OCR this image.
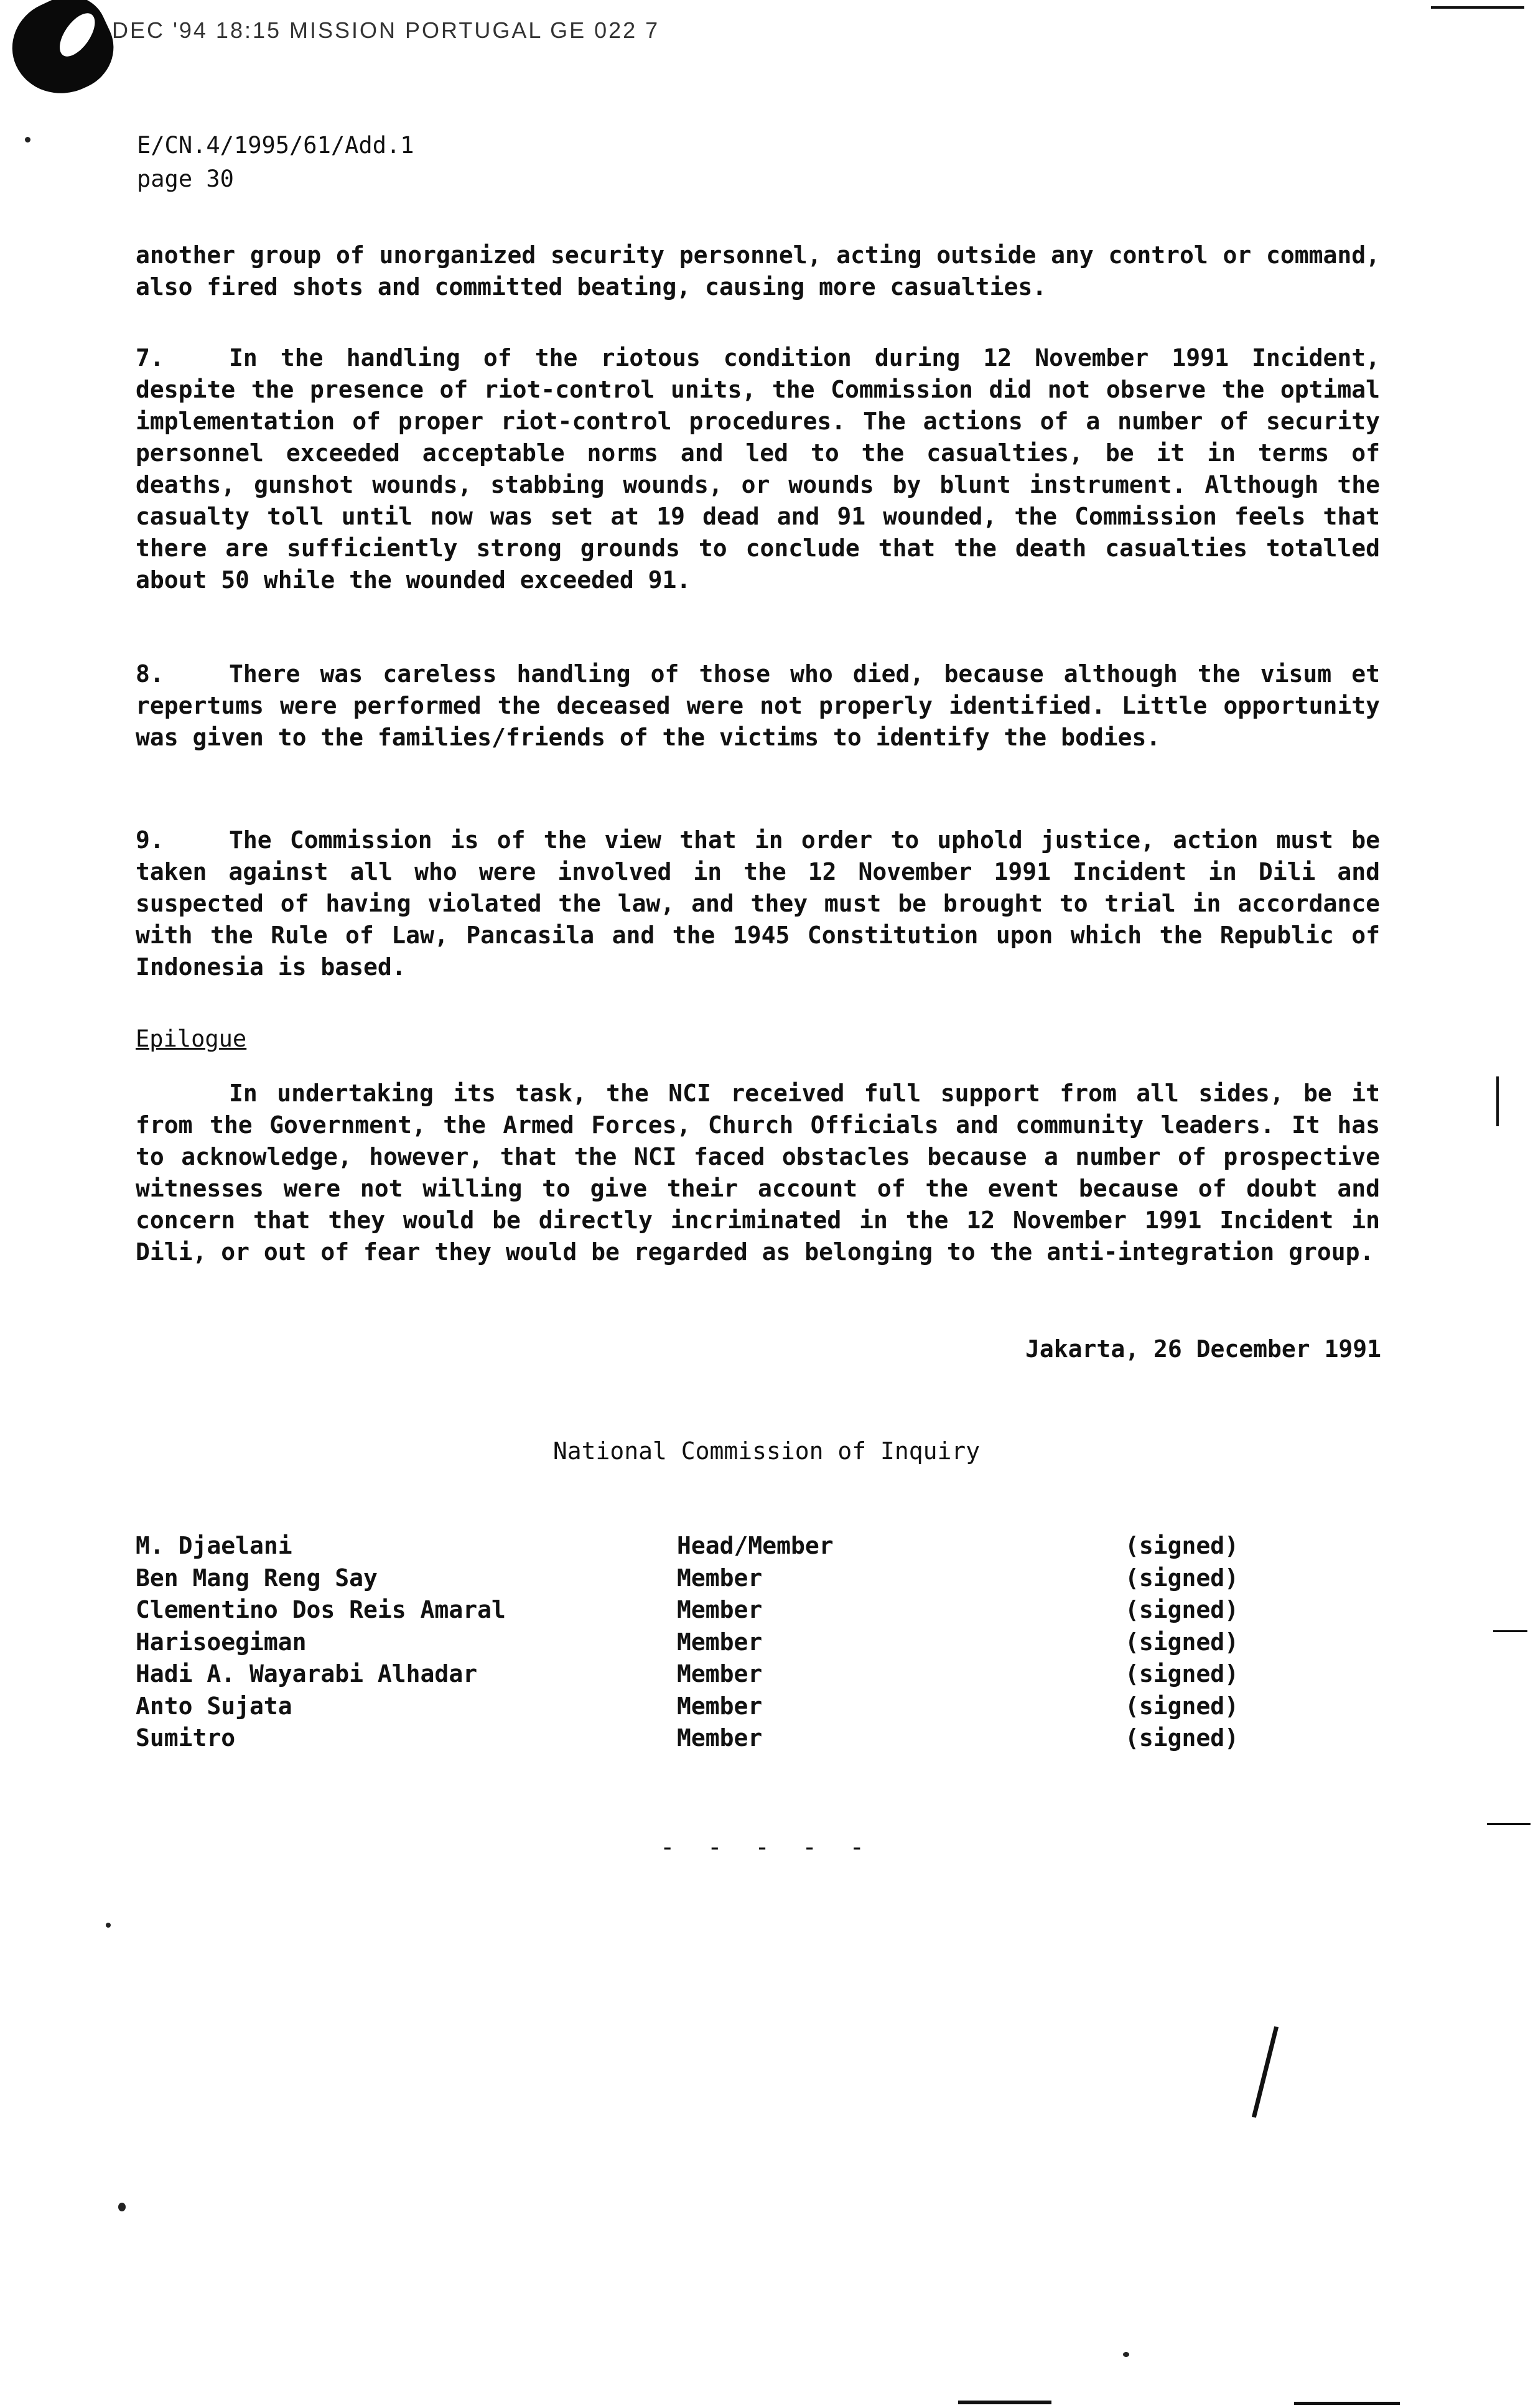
DEC '94 18:15 MISSION PORTUGAL GE 022 7
E/CN.4/1995/61/Add.1
page 30
another group of unorganized security personnel, acting outside any control or command, also fired shots and committed beating, causing more casualties.
7.	In the handling of the riotous condition during 12 November 1991 Incident, despite the presence of riot-control units, the Commission did not observe the optimal implementation of proper riot-control procedures. The actions of a number of security personnel exceeded acceptable norms and led to the casualties, be it in terms of deaths, gunshot wounds, stabbing wounds, or wounds by blunt instrument. Although the casualty toll until now was set at 19 dead and 91 wounded, the Commission feels that there are sufficiently strong grounds to conclude that the death casualties totalled about 50 while the wounded exceeded 91.
8.	There was careless handling of those who died, because although the visum et repertums were performed the deceased were not properly identified. Little opportunity was given to the families/friends of the victims to identify the bodies.
9.	The Commission is of the view that in order to uphold justice, action must be taken against all who were involved in the 12 November 1991 Incident in Dili and suspected of having violated the law, and they must be brought to trial in accordance with the Rule of Law, Pancasila and the 1945 Constitution upon which the Republic of Indonesia is based.
Epilogue
In undertaking its task, the NCI received full support from all sides, be it from the Government, the Armed Forces, Church Officials and community leaders. It has to acknowledge, however, that the NCI faced obstacles because a number of prospective witnesses were not willing to give their account of the event because of doubt and concern that they would be directly incriminated in the 12 November 1991 Incident in Dili, or out of fear they would be regarded as belonging to the anti-integration group.
Jakarta, 26 December 1991
National Commission of Inquiry
M. Djaelani	Head/Member	(signed)
Ben Mang Reng Say	Member	(signed)
Clementino Dos Reis Amaral	Member	(signed)
Harisoegiman	Member	(signed)
Hadi A. Wayarabi Alhadar	Member	(signed)
Anto Sujata	Member	(signed)
Sumitro	Member	(signed)
- - - - -
